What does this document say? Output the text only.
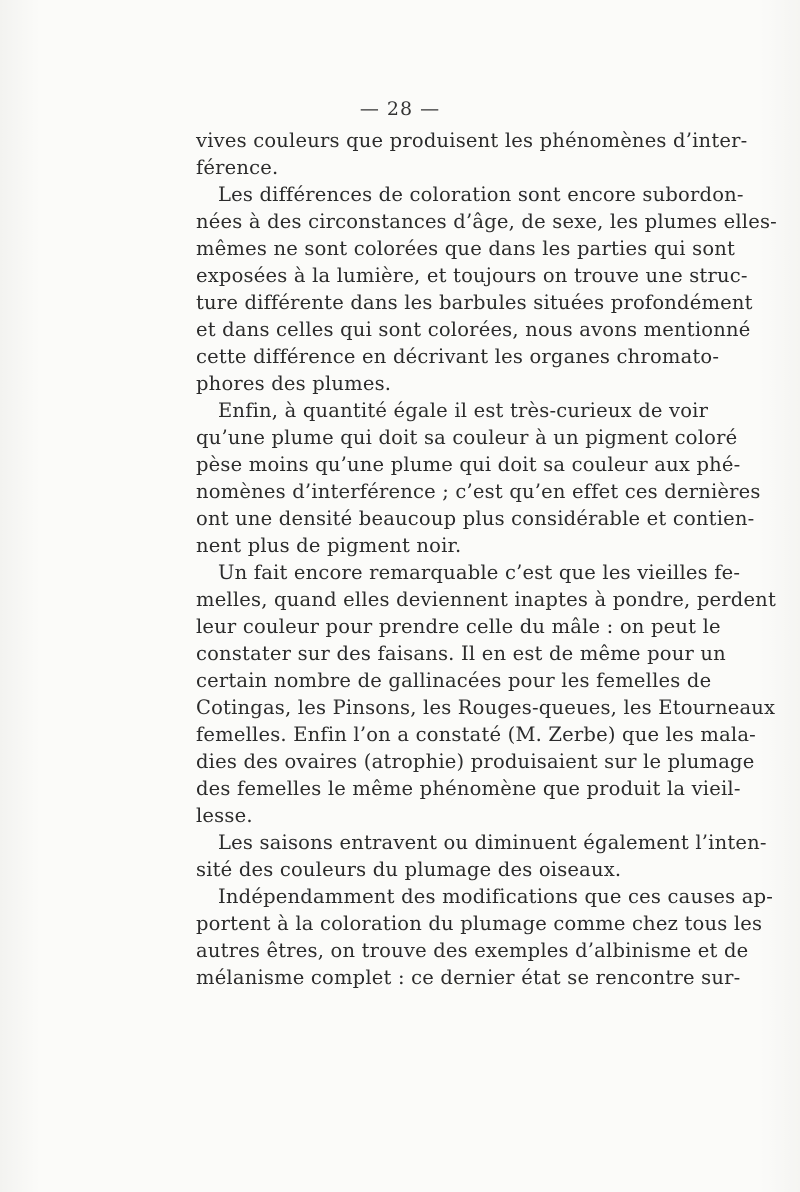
— 28 —
vives couleurs que produisent les phénomènes d’inter-
férence.
Les différences de coloration sont encore subordon-
nées à des circonstances d’âge, de sexe, les plumes elles-
mêmes ne sont colorées que dans les parties qui sont
exposées à la lumière, et toujours on trouve une struc-
ture différente dans les barbules situées profondément
et dans celles qui sont colorées, nous avons mentionné
cette différence en décrivant les organes chromato-
phores des plumes.
Enfin, à quantité égale il est très-curieux de voir
qu’une plume qui doit sa couleur à un pigment coloré
pèse moins qu’une plume qui doit sa couleur aux phé-
nomènes d’interférence ; c’est qu’en effet ces dernières
ont une densité beaucoup plus considérable et contien-
nent plus de pigment noir.
Un fait encore remarquable c’est que les vieilles fe-
melles, quand elles deviennent inaptes à pondre, perdent
leur couleur pour prendre celle du mâle : on peut le
constater sur des faisans. Il en est de même pour un
certain nombre de gallinacées pour les femelles de
Cotingas, les Pinsons, les Rouges-queues, les Etourneaux
femelles. Enfin l’on a constaté (M. Zerbe) que les mala-
dies des ovaires (atrophie) produisaient sur le plumage
des femelles le même phénomène que produit la vieil-
lesse.
Les saisons entravent ou diminuent également l’inten-
sité des couleurs du plumage des oiseaux.
Indépendamment des modifications que ces causes ap-
portent à la coloration du plumage comme chez tous les
autres êtres, on trouve des exemples d’albinisme et de
mélanisme complet : ce dernier état se rencontre sur-
